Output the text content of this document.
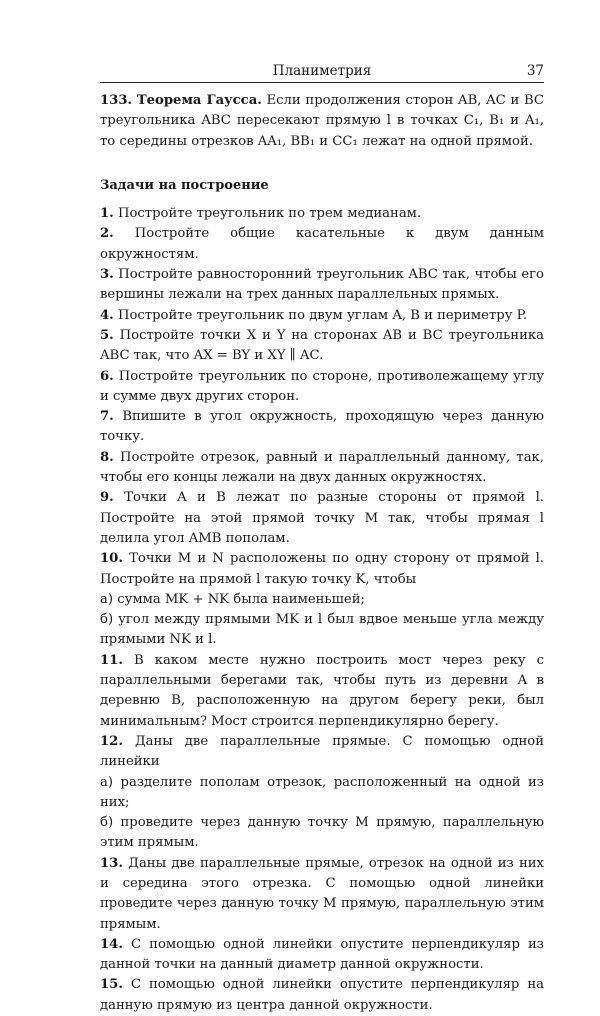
Планиметрия	37

133. Теорема Гаусса. Если продолжения сторон AB, AC и BC треугольника ABC пересекают прямую l в точках C₁, B₁ и A₁, то середины отрезков AA₁, BB₁ и CC₁ лежат на одной прямой.

Задачи на построение

1. Постройте треугольник по трем медианам.

2. Постройте общие касательные к двум данным окружностям.

3. Постройте равносторонний треугольник ABC так, чтобы его вершины лежали на трех данных параллельных прямых.

4. Постройте треугольник по двум углам A, B и периметру P.

5. Постройте точки X и Y на сторонах AB и BC треугольника ABC так, что AX = BY и XY ∥ AC.

6. Постройте треугольник по стороне, противолежащему углу и сумме двух других сторон.

7. Впишите в угол окружность, проходящую через данную точку.

8. Постройте отрезок, равный и параллельный данному, так, чтобы его концы лежали на двух данных окружностях.

9. Точки A и B лежат по разные стороны от прямой l. Постройте на этой прямой точку M так, чтобы прямая l делила угол AMB пополам.

10. Точки M и N расположены по одну сторону от прямой l. Постройте на прямой l такую точку K, чтобы

а) сумма MK + NK была наименьшей;

б) угол между прямыми MK и l был вдвое меньше угла между прямыми NK и l.

11. В каком месте нужно построить мост через реку с параллельными берегами так, чтобы путь из деревни A в деревню B, расположенную на другом берегу реки, был минимальным? Мост строится перпендикулярно берегу.

12. Даны две параллельные прямые. С помощью одной линейки

а) разделите пополам отрезок, расположенный на одной из них;

б) проведите через данную точку M прямую, параллельную этим прямым.

13. Даны две параллельные прямые, отрезок на одной из них и середина этого отрезка. С помощью одной линейки проведите через данную точку M прямую, параллельную этим прямым.

14. С помощью одной линейки опустите перпендикуляр из данной точки на данный диаметр данной окружности.

15. С помощью одной линейки опустите перпендикуляр на данную прямую из центра данной окружности.
